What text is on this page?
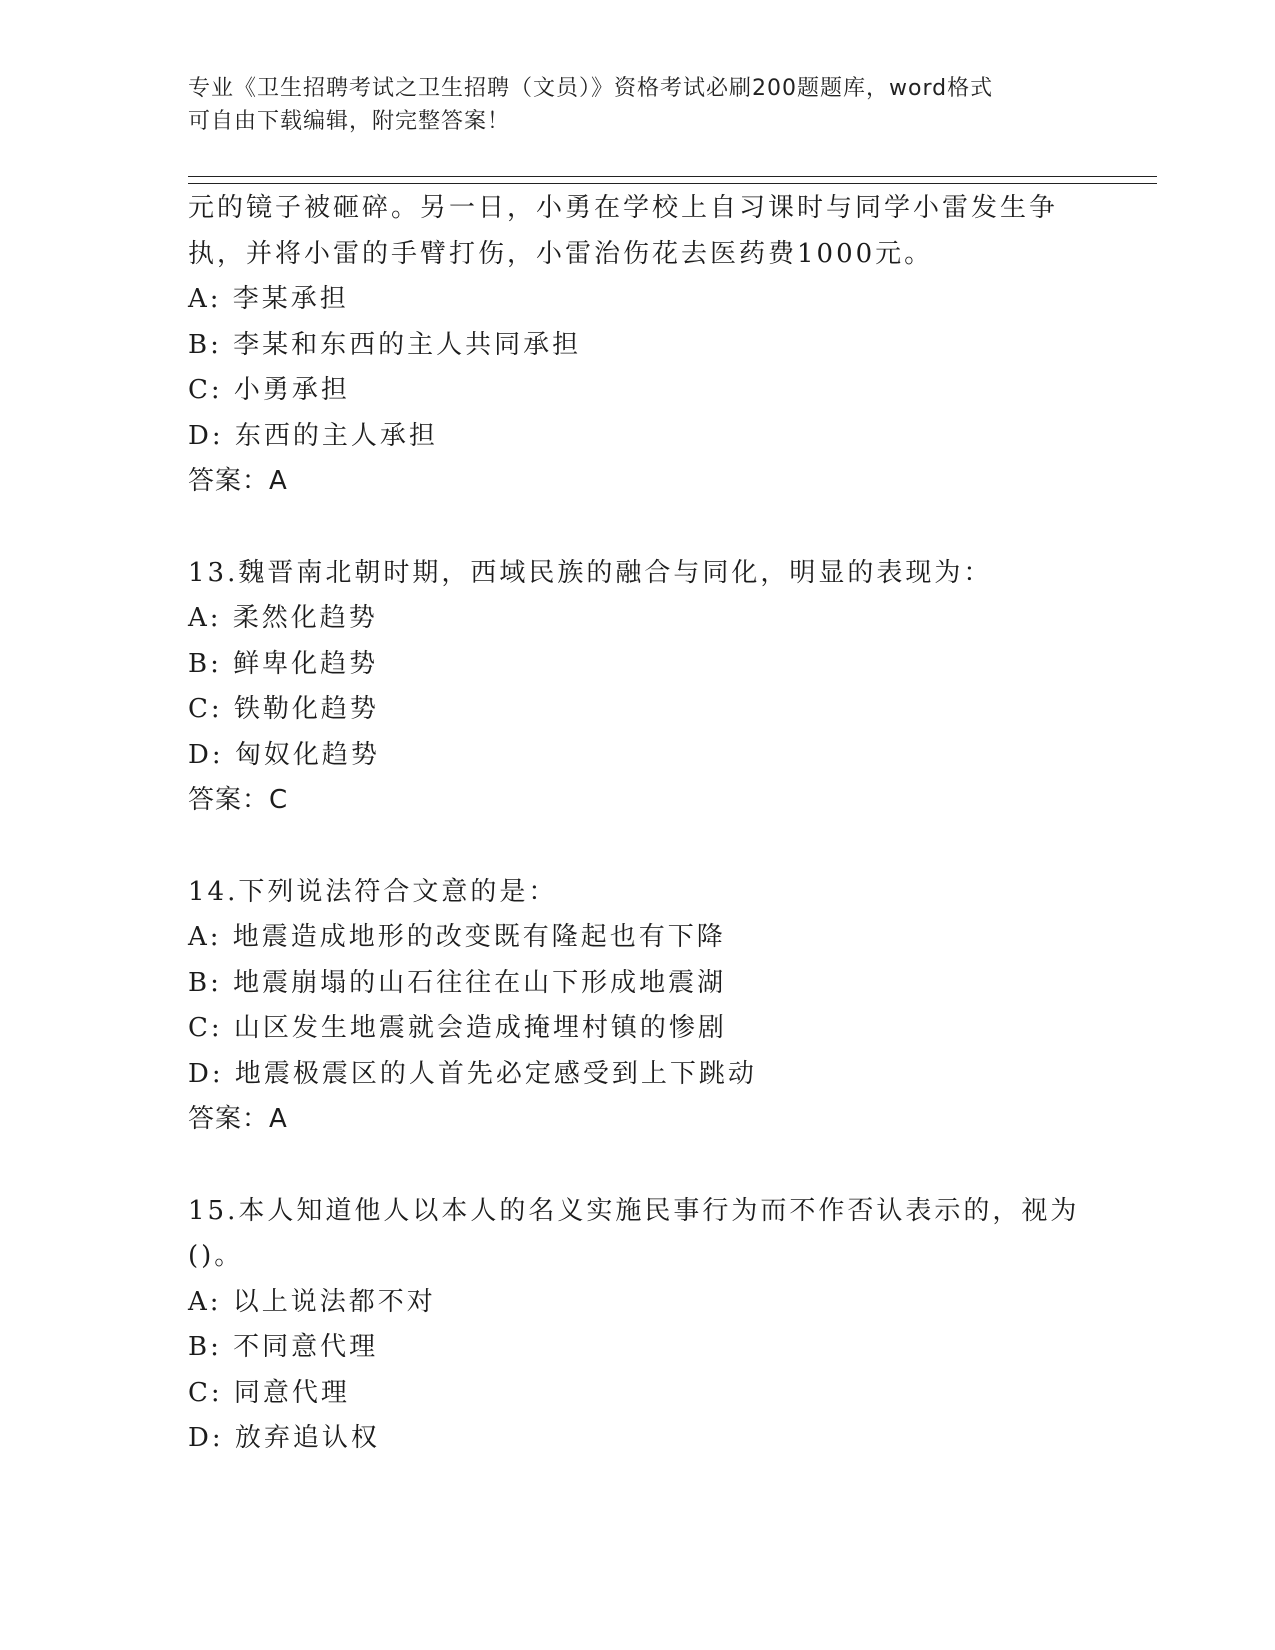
专业《卫生招聘考试之卫生招聘（文员）》资格考试必刷200题题库，word格式
可自由下载编辑，附完整答案！
元的镜子被砸碎。另一日，小勇在学校上自习课时与同学小雷发生争
执，并将小雷的手臂打伤，小雷治伤花去医药费1000元。
A: 李某承担
B: 李某和东西的主人共同承担
C: 小勇承担
D: 东西的主人承担
答案：A
13.魏晋南北朝时期，西域民族的融合与同化，明显的表现为：
A: 柔然化趋势
B: 鲜卑化趋势
C: 铁勒化趋势
D: 匈奴化趋势
答案：C
14.下列说法符合文意的是：
A: 地震造成地形的改变既有隆起也有下降
B: 地震崩塌的山石往往在山下形成地震湖
C: 山区发生地震就会造成掩埋村镇的惨剧
D: 地震极震区的人首先必定感受到上下跳动
答案：A
15.本人知道他人以本人的名义实施民事行为而不作否认表示的，视为
()。
A: 以上说法都不对
B: 不同意代理
C: 同意代理
D: 放弃追认权
